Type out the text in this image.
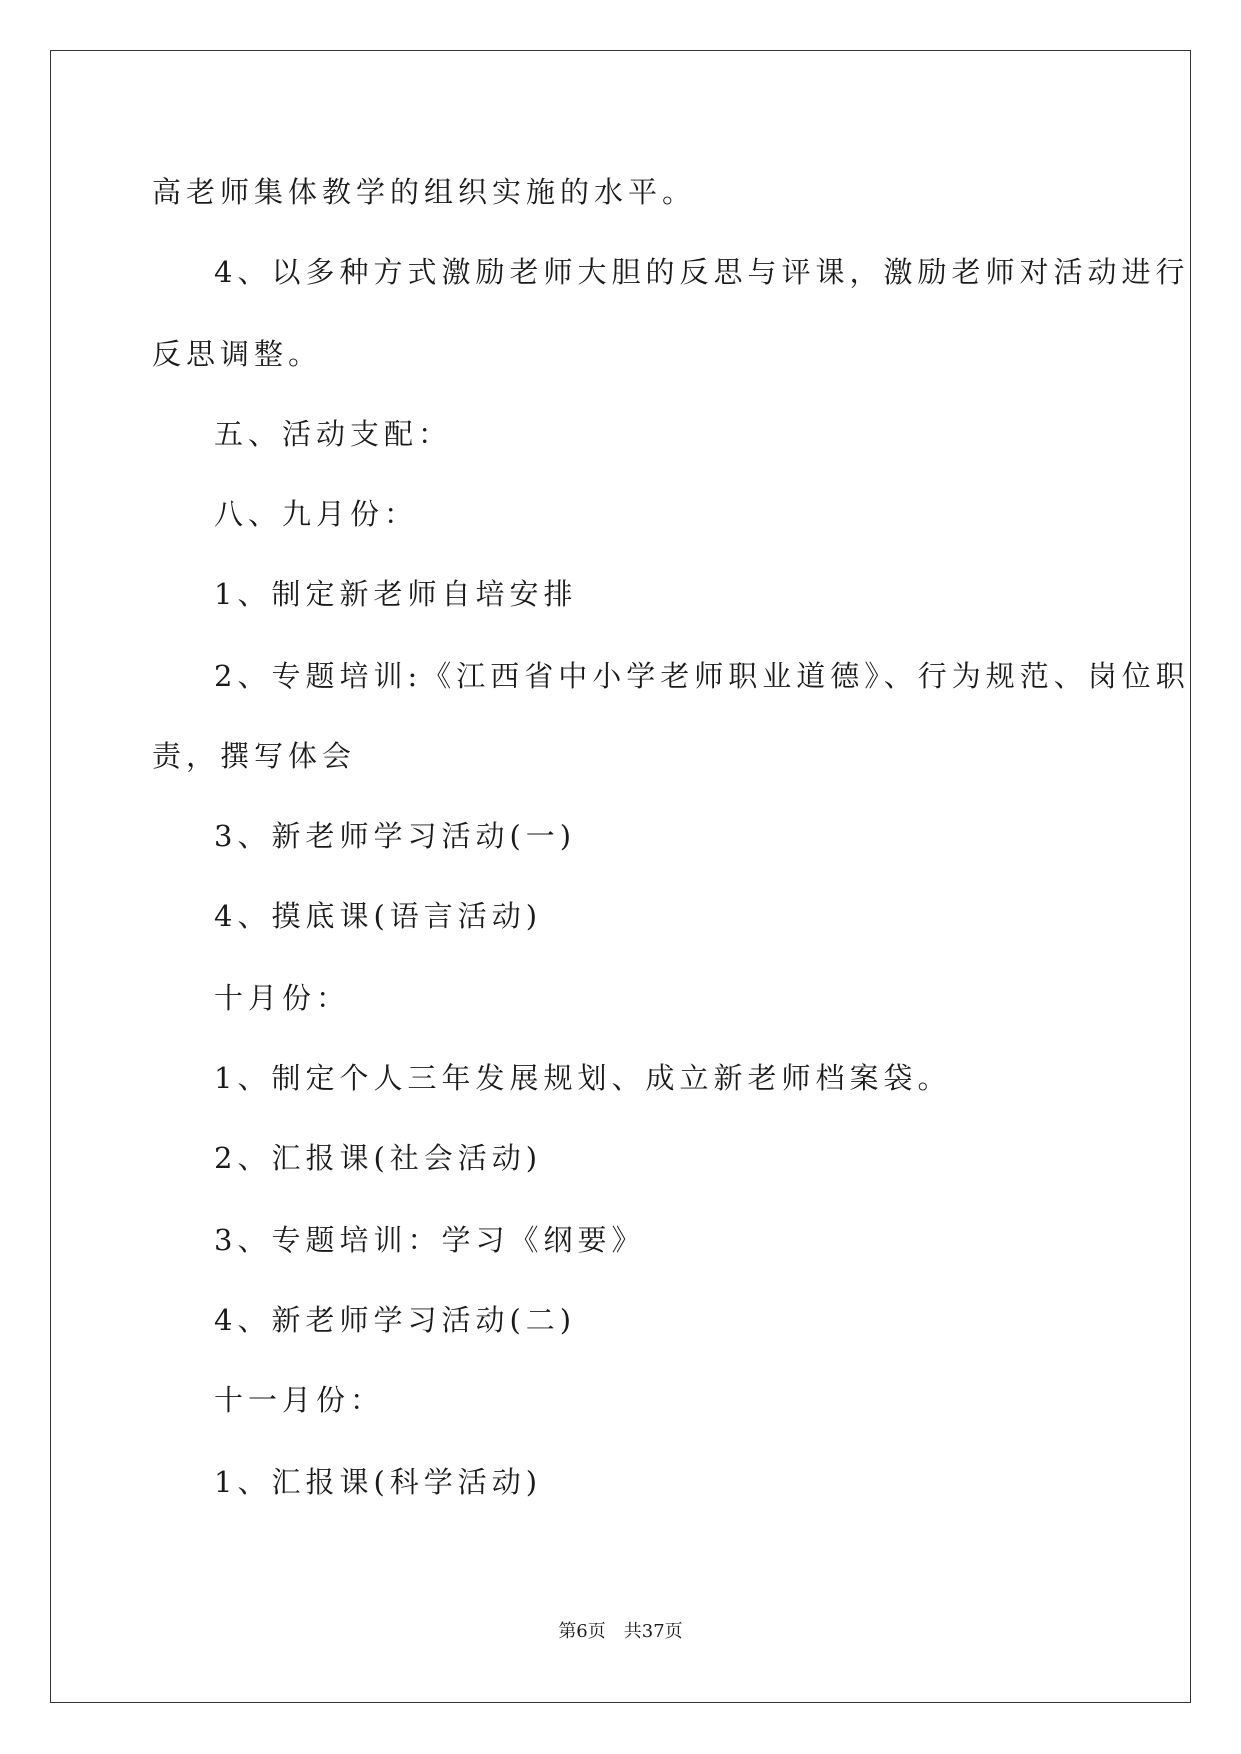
高老师集体教学的组织实施的水平。
4、以多种方式激励老师大胆的反思与评课，激励老师对活动进行
反思调整。
五、活动支配：
八、九月份：
1、制定新老师自培安排
2、专题培训:《江西省中小学老师职业道德》、行为规范、岗位职
责，撰写体会
3、新老师学习活动(一)
4、摸底课(语言活动)
十月份：
1、制定个人三年发展规划、成立新老师档案袋。
2、汇报课(社会活动)
3、专题培训：学习《纲要》
4、新老师学习活动(二)
十一月份：
1、汇报课(科学活动)
第6页 共37页
